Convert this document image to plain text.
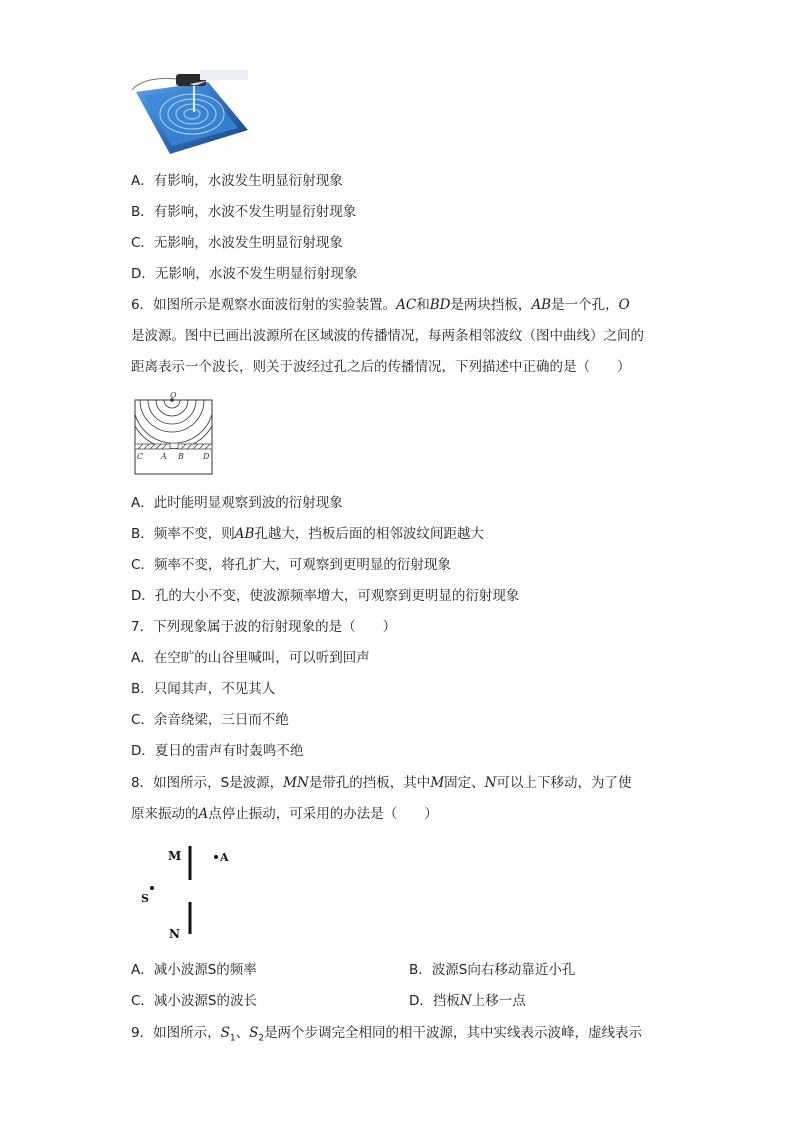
A．有影响，水波发生明显衍射现象
B．有影响，水波不发生明显衍射现象
C．无影响，水波发生明显衍射现象
D．无影响，水波不发生明显衍射现象
6．如图所示是观察水面波衍射的实验装置。AC和BD是两块挡板，AB是一个孔，O
是波源。图中已画出波源所在区域波的传播情况，每两条相邻波纹（图中曲线）之间的
距离表示一个波长，则关于波经过孔之后的传播情况，下列描述中正确的是（　　）
O
C A B D
A．此时能明显观察到波的衍射现象
B．频率不变，则AB孔越大，挡板后面的相邻波纹间距越大
C．频率不变，将孔扩大，可观察到更明显的衍射现象
D．孔的大小不变，使波源频率增大，可观察到更明显的衍射现象
7．下列现象属于波的衍射现象的是（　　）
A．在空旷的山谷里喊叫，可以听到回声
B．只闻其声，不见其人
C．余音绕梁，三日而不绝
D．夏日的雷声有时轰鸣不绝
8．如图所示，S是波源，MN是带孔的挡板，其中M固定、N可以上下移动，为了使
原来振动的A点停止振动，可采用的办法是（　　）
M	A
S
N
A．减小波源S的频率	B．波源S向右移动靠近小孔
C．减小波源S的波长	D．挡板N上移一点
9．如图所示，$S_1$、$S_2$是两个步调完全相同的相干波源，其中实线表示波峰，虚线表示
